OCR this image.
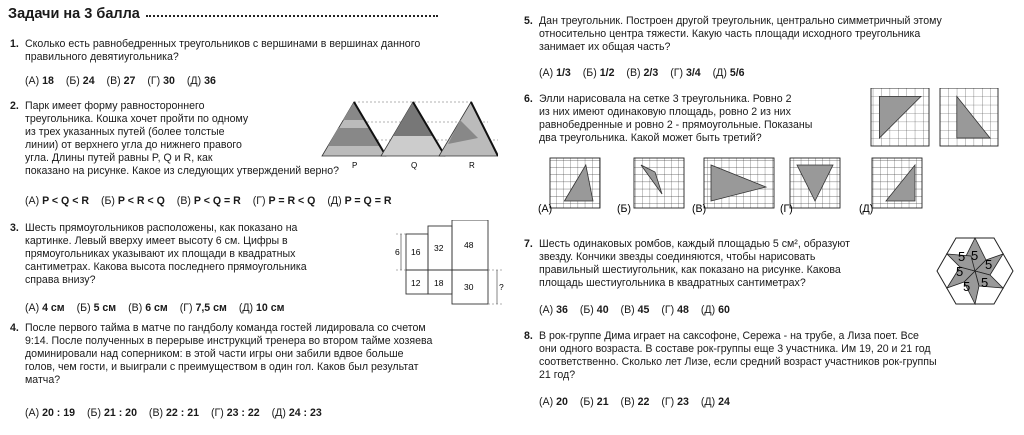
Задачи на 3 балла
1. Сколько есть равнобедренных треугольников с вершинами в вершинах данного
правильного девятиугольника?
(А) 18 (Б) 24 (В) 27 (Г) 30 (Д) 36
2. Парк имеет форму равностороннего
треугольника. Кошка хочет пройти по одному
из трех указанных путей (более толстые
линии) от верхнего угла до нижнего правого
угла. Длины путей равны P, Q и R, как
показано на рисунке. Какое из следующих утверждений верно?
(А) P < Q < R (Б) P < R < Q (В) P < Q = R (Г) P = R < Q (Д) P = Q = R
P	Q	R
3. Шесть прямоугольников расположены, как показано на
картинке. Левый вверху имеет высоту 6 см. Цифры в
прямоугольниках указывают их площади в квадратных
сантиметрах. Какова высота последнего прямоугольника
справа внизу?
(А) 4 см (Б) 5 см (В) 6 см (Г) 7,5 см (Д) 10 см
6 16 32 48
12 18 30	?
4. После первого тайма в матче по гандболу команда гостей лидировала со счетом
9:14. После полученных в перерыве инструкций тренера во втором тайме хозяева
доминировали над соперником: в этой части игры они забили вдвое больше
голов, чем гости, и выиграли с преимуществом в один гол. Каков был результат
матча?
(А) 20 : 19 (Б) 21 : 20 (В) 22 : 21 (Г) 23 : 22 (Д) 24 : 23
5. Дан треугольник. Построен другой треугольник, центрально симметричный этому
относительно центра тяжести. Какую часть площади исходного треугольника
занимает их общая часть?
(А) 1/3 (Б) 1/2 (В) 2/3 (Г) 3/4 (Д) 5/6
6. Элли нарисовала на сетке 3 треугольника. Ровно 2
из них имеют одинаковую площадь, ровно 2 из них
равнобедренные и ровно 2 - прямоугольные. Показаны
два треугольника. Какой может быть третий?
(А)	(Б)	(В)	(Г)	(Д)
7. Шесть одинаковых ромбов, каждый площадью 5 см², образуют
звезду. Кончики звезды соединяются, чтобы нарисовать
правильный шестиугольник, как показано на рисунке. Какова
площадь шестиугольника в квадратных сантиметрах?
(А) 36 (Б) 40 (В) 45 (Г) 48 (Д) 60
5
5
5
5
5
5
8. В рок-группе Дима играет на саксофоне, Сережа - на трубе, а Лиза поет. Все
они одного возраста. В составе рок-группы еще 3 участника. Им 19, 20 и 21 год
соответственно. Сколько лет Лизе, если средний возраст участников рок-группы
21 год?
(А) 20 (Б) 21 (В) 22 (Г) 23 (Д) 24
